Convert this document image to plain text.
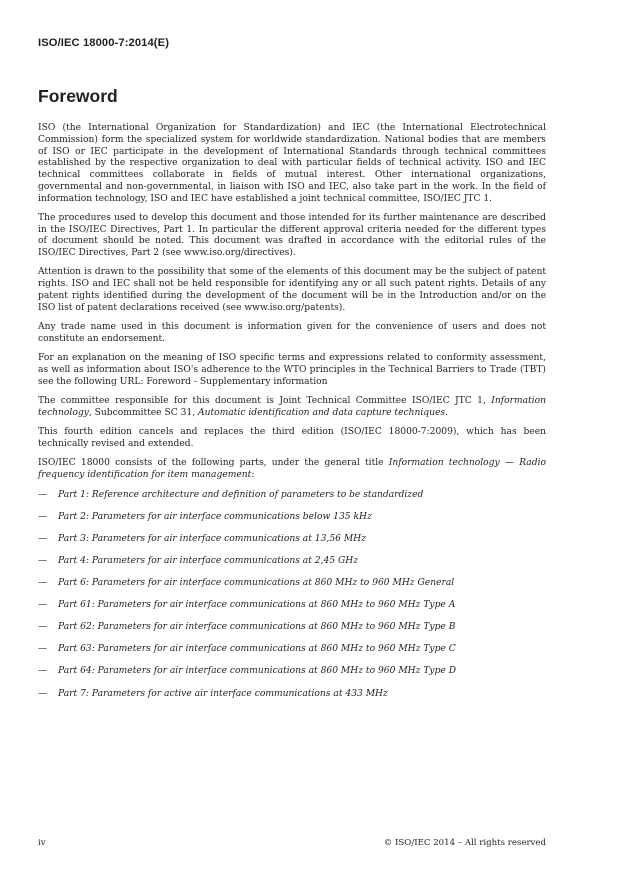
ISO/IEC 18000-7:2014(E)
Foreword

ISO (the International Organization for Standardization) and IEC (the International Electrotechnical Commission) form the specialized system for worldwide standardization. National bodies that are members of ISO or IEC participate in the development of International Standards through technical committees established by the respective organization to deal with particular fields of technical activity. ISO and IEC technical committees collaborate in fields of mutual interest. Other international organizations, governmental and non-governmental, in liaison with ISO and IEC, also take part in the work. In the field of information technology, ISO and IEC have established a joint technical committee, ISO/IEC JTC 1.

The procedures used to develop this document and those intended for its further maintenance are described in the ISO/IEC Directives, Part 1. In particular the different approval criteria needed for the different types of document should be noted. This document was drafted in accordance with the editorial rules of the ISO/IEC Directives, Part 2 (see www.iso.org/directives).

Attention is drawn to the possibility that some of the elements of this document may be the subject of patent rights. ISO and IEC shall not be held responsible for identifying any or all such patent rights. Details of any patent rights identified during the development of the document will be in the Introduction and/or on the ISO list of patent declarations received (see www.iso.org/patents).

Any trade name used in this document is information given for the convenience of users and does not constitute an endorsement.

For an explanation on the meaning of ISO specific terms and expressions related to conformity assessment, as well as information about ISO's adherence to the WTO principles in the Technical Barriers to Trade (TBT) see the following URL: Foreword - Supplementary information

The committee responsible for this document is Joint Technical Committee ISO/IEC JTC 1, Information technology, Subcommittee SC 31, Automatic identification and data capture techniques.

This fourth edition cancels and replaces the third edition (ISO/IEC 18000-7:2009), which has been technically revised and extended.

ISO/IEC 18000 consists of the following parts, under the general title Information technology — Radio frequency identification for item management:

—	Part 1: Reference architecture and definition of parameters to be standardized
—	Part 2: Parameters for air interface communications below 135 kHz
—	Part 3: Parameters for air interface communications at 13,56 MHz
—	Part 4: Parameters for air interface communications at 2,45 GHz
—	Part 6: Parameters for air interface communications at 860 MHz to 960 MHz General
—	Part 61: Parameters for air interface communications at 860 MHz to 960 MHz Type A
—	Part 62: Parameters for air interface communications at 860 MHz to 960 MHz Type B
—	Part 63: Parameters for air interface communications at 860 MHz to 960 MHz Type C
—	Part 64: Parameters for air interface communications at 860 MHz to 960 MHz Type D
—	Part 7: Parameters for active air interface communications at 433 MHz
iv	© ISO/IEC 2014 – All rights reserved
